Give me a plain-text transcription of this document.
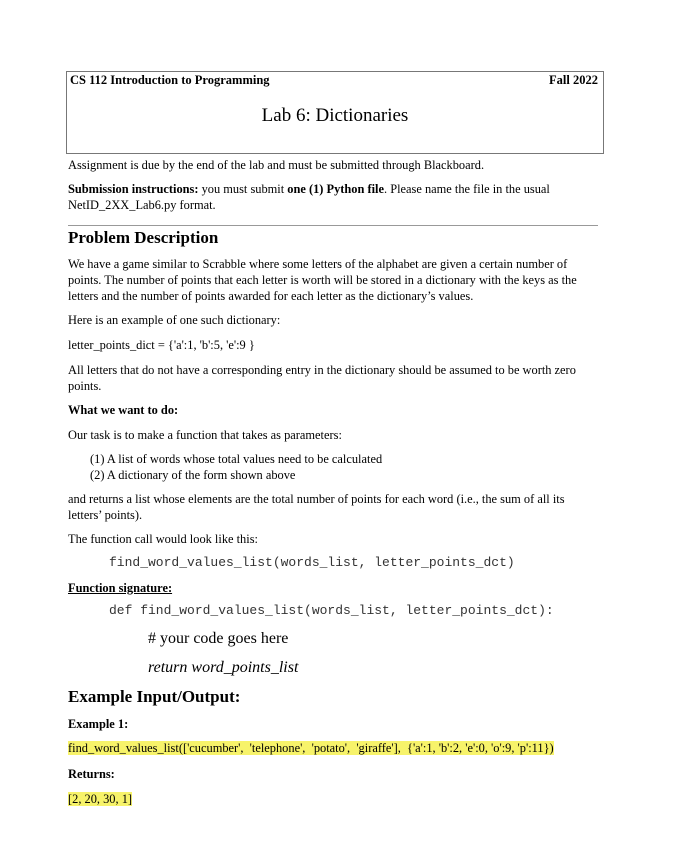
CS 112 Introduction to Programming	Fall 2022
Lab 6: Dictionaries
Assignment is due by the end of the lab and must be submitted through Blackboard.
Submission instructions: you must submit one (1) Python file. Please name the file in the usual
NetID_2XX_Lab6.py format.
Problem Description
We have a game similar to Scrabble where some letters of the alphabet are given a certain number of
points. The number of points that each letter is worth will be stored in a dictionary with the keys as the
letters and the number of points awarded for each letter as the dictionary’s values.
Here is an example of one such dictionary:
letter_points_dict = {'a':1, 'b':5, 'e':9 }
All letters that do not have a corresponding entry in the dictionary should be assumed to be worth zero
points.
What we want to do:
Our task is to make a function that takes as parameters:
(1) A list of words whose total values need to be calculated
(2) A dictionary of the form shown above
and returns a list whose elements are the total number of points for each word (i.e., the sum of all its
letters’ points).
The function call would look like this:
find_word_values_list(words_list, letter_points_dct)
Function signature:
def find_word_values_list(words_list, letter_points_dct):
# your code goes here
return word_points_list
Example Input/Output:
Example 1:
find_word_values_list(['cucumber',  'telephone',  'potato',  'giraffe'],  {'a':1, 'b':2, 'e':0, 'o':9, 'p':11})
Returns:
[2, 20, 30, 1]
